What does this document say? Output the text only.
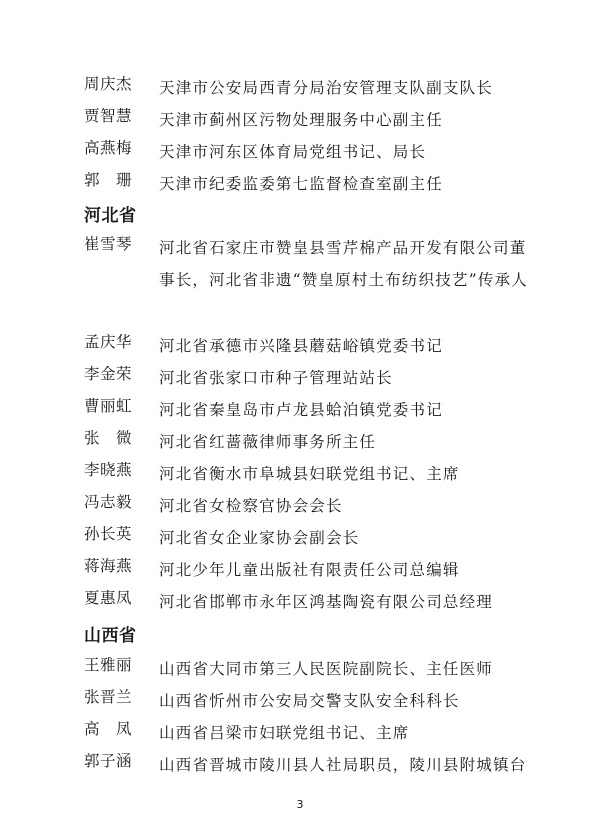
周庆杰	天津市公安局西青分局治安管理支队副支队长
贾智慧	天津市蓟州区污物处理服务中心副主任
高燕梅	天津市河东区体育局党组书记、局长
郭　珊	天津市纪委监委第七监督检查室副主任
河北省
崔雪琴	河北省石家庄市赞皇县雪芹棉产品开发有限公司董事长，河北省非遗“赞皇原村土布纺织技艺”传承人
孟庆华	河北省承德市兴隆县蘑菇峪镇党委书记
李金荣	河北省张家口市种子管理站站长
曹丽虹	河北省秦皇岛市卢龙县蛤泊镇党委书记
张　微	河北省红蔷薇律师事务所主任
李晓燕	河北省衡水市阜城县妇联党组书记、主席
冯志毅	河北省女检察官协会会长
孙长英	河北省女企业家协会副会长
蒋海燕	河北少年儿童出版社有限责任公司总编辑
夏惠凤	河北省邯郸市永年区鸿基陶瓷有限公司总经理
山西省
王雅丽	山西省大同市第三人民医院副院长、主任医师
张晋兰	山西省忻州市公安局交警支队安全科科长
高　凤	山西省吕梁市妇联党组书记、主席
郭子涵	山西省晋城市陵川县人社局职员，陵川县附城镇台
3
